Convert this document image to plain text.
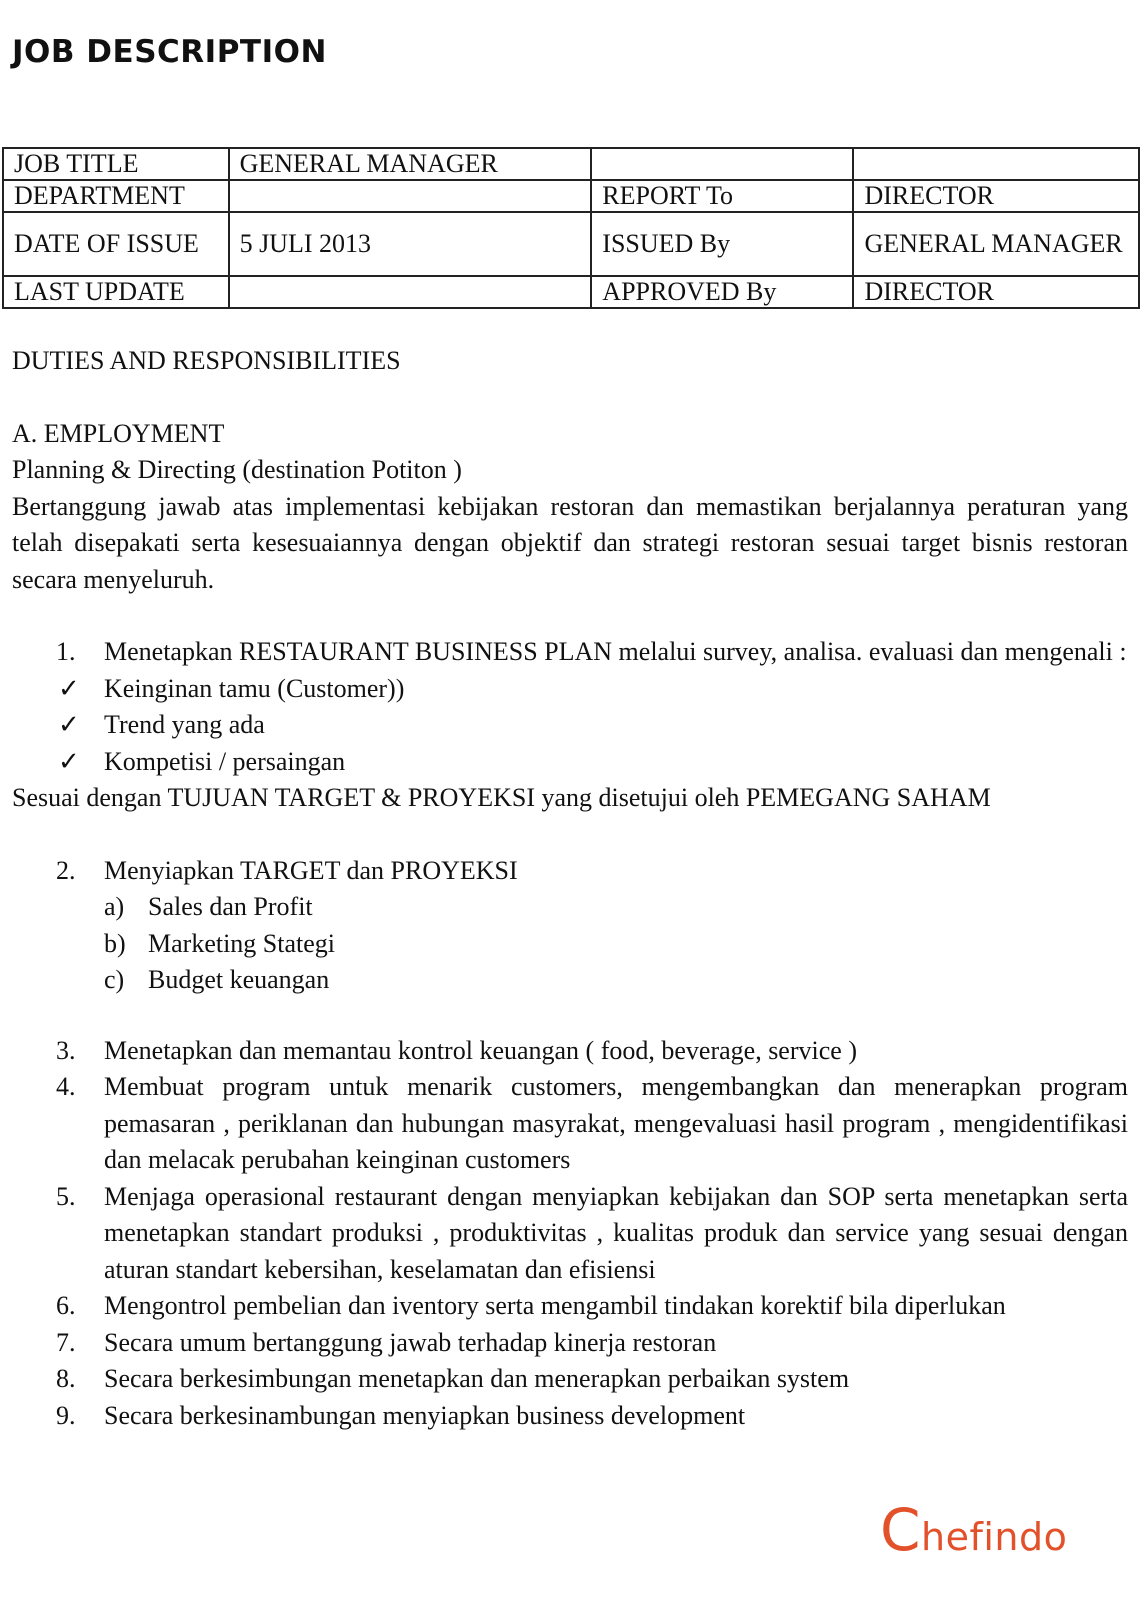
JOB DESCRIPTION
JOB TITLE	GENERAL MANAGER		
DEPARTMENT		REPORT To	DIRECTOR
DATE OF ISSUE	5 JULI 2013	ISSUED By	GENERAL MANAGER
LAST UPDATE		APPROVED By	DIRECTOR

DUTIES AND RESPONSIBILITIES

A. EMPLOYMENT

Planning & Directing (destination Potiton )

Bertanggung jawab atas implementasi kebijakan restoran dan memastikan berjalannya peraturan yang telah disepakati serta kesesuaiannya dengan objektif dan strategi restoran sesuai target bisnis restoran secara menyeluruh.

1. Menetapkan RESTAURANT BUSINESS PLAN melalui survey, analisa. evaluasi dan mengenali :
✓ Keinginan tamu (Customer))
✓ Trend yang ada
✓ Kompetisi / persaingan

Sesuai dengan TUJUAN TARGET & PROYEKSI yang disetujui oleh PEMEGANG SAHAM

2. Menyiapkan TARGET dan PROYEKSI
a) Sales dan Profit
b) Marketing Stategi
c) Budget keuangan
3. Menetapkan dan memantau kontrol keuangan ( food, beverage, service )
4. Membuat program untuk menarik customers, mengembangkan dan menerapkan program pemasaran , periklanan dan hubungan masyrakat, mengevaluasi hasil program , mengidentifikasi dan melacak perubahan keinginan customers
5. Menjaga operasional restaurant dengan menyiapkan kebijakan dan SOP serta menetapkan serta menetapkan standart produksi , produktivitas , kualitas produk dan service yang sesuai dengan aturan standart kebersihan, keselamatan dan efisiensi
6. Mengontrol pembelian dan iventory serta mengambil tindakan korektif bila diperlukan
7. Secara umum bertanggung jawab terhadap kinerja restoran
8. Secara berkesimbungan menetapkan dan menerapkan perbaikan system
9. Secara berkesinambungan menyiapkan business development
Chefindo
